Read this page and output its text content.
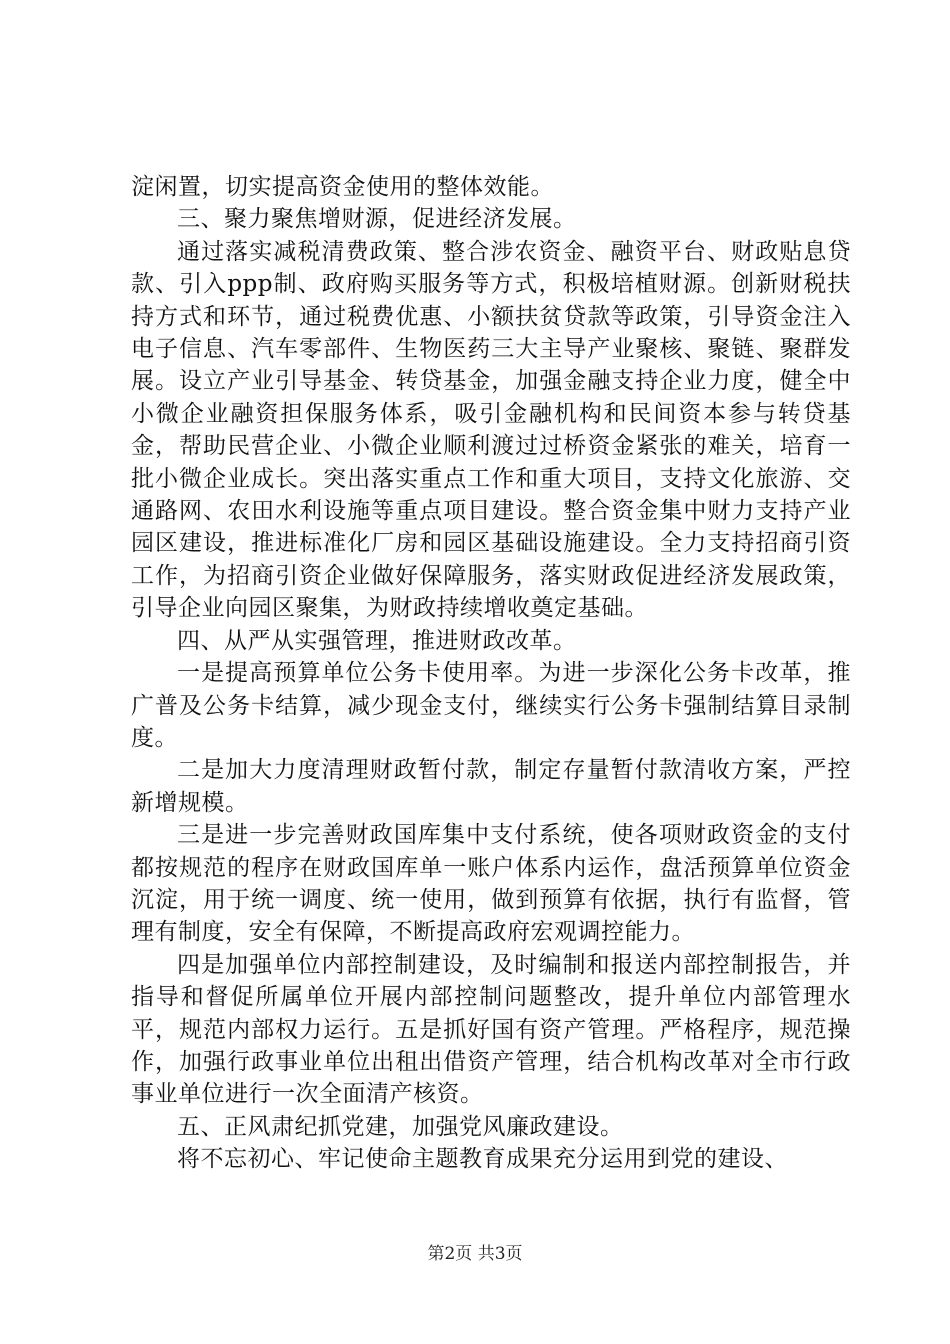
淀闲置，切实提高资金使用的整体效能。

三、聚力聚焦增财源，促进经济发展。

通过落实减税清费政策、整合涉农资金、融资平台、财政贴息贷款、引入ppp制、政府购买服务等方式，积极培植财源。创新财税扶持方式和环节，通过税费优惠、小额扶贫贷款等政策，引导资金注入电子信息、汽车零部件、生物医药三大主导产业聚核、聚链、聚群发展。设立产业引导基金、转贷基金，加强金融支持企业力度，健全中小微企业融资担保服务体系，吸引金融机构和民间资本参与转贷基金，帮助民营企业、小微企业顺利渡过过桥资金紧张的难关，培育一批小微企业成长。突出落实重点工作和重大项目，支持文化旅游、交通路网、农田水利设施等重点项目建设。整合资金集中财力支持产业园区建设，推进标准化厂房和园区基础设施建设。全力支持招商引资工作，为招商引资企业做好保障服务，落实财政促进经济发展政策，引导企业向园区聚集，为财政持续增收奠定基础。

四、从严从实强管理，推进财政改革。

一是提高预算单位公务卡使用率。为进一步深化公务卡改革，推广普及公务卡结算，减少现金支付，继续实行公务卡强制结算目录制度。

二是加大力度清理财政暂付款，制定存量暂付款清收方案，严控新增规模。

三是进一步完善财政国库集中支付系统，使各项财政资金的支付都按规范的程序在财政国库单一账户体系内运作，盘活预算单位资金沉淀，用于统一调度、统一使用，做到预算有依据，执行有监督，管理有制度，安全有保障，不断提高政府宏观调控能力。

四是加强单位内部控制建设，及时编制和报送内部控制报告，并指导和督促所属单位开展内部控制问题整改，提升单位内部管理水平，规范内部权力运行。五是抓好国有资产管理。严格程序，规范操作，加强行政事业单位出租出借资产管理，结合机构改革对全市行政事业单位进行一次全面清产核资。

五、正风肃纪抓党建，加强党风廉政建设。

将不忘初心、牢记使命主题教育成果充分运用到党的建设、

第2页 共3页
